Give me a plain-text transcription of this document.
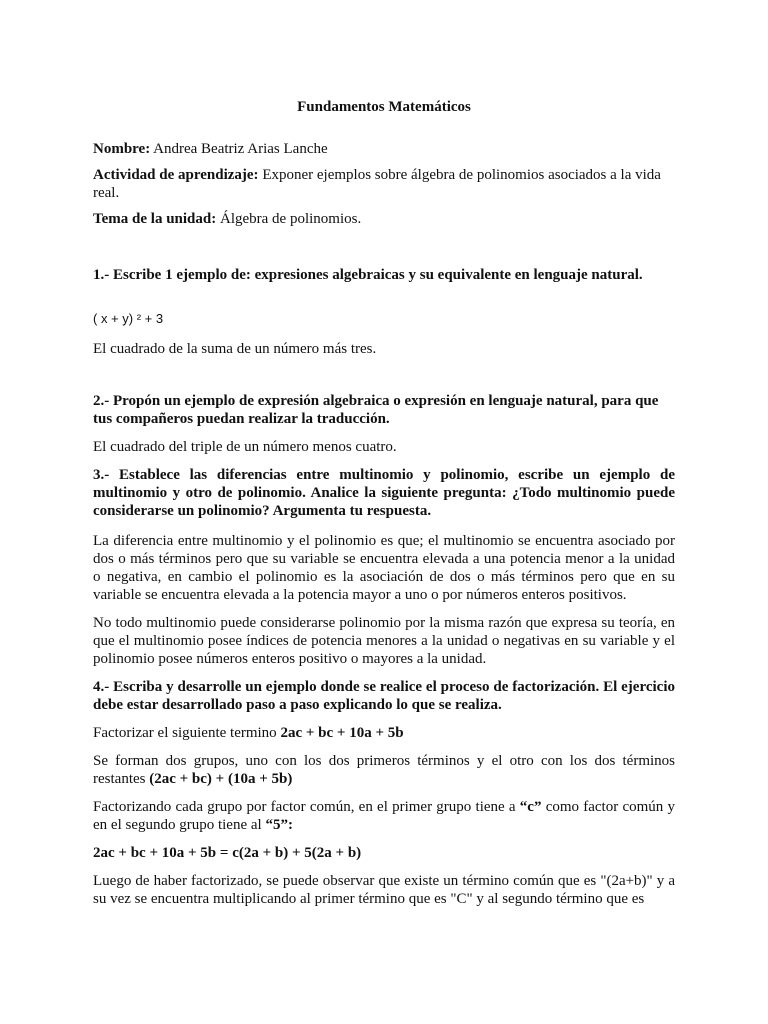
Fundamentos Matemáticos

Nombre: Andrea Beatriz Arias Lanche

Actividad de aprendizaje: Exponer ejemplos sobre álgebra de polinomios asociados a la vida real.

Tema de la unidad: Álgebra de polinomios.

1.- Escribe 1 ejemplo de: expresiones algebraicas y su equivalente en lenguaje natural.

( x + y) ² + 3

El cuadrado de la suma de un número más tres.

2.- Propón un ejemplo de expresión algebraica o expresión en lenguaje natural, para que tus compañeros puedan realizar la traducción.

El cuadrado del triple de un número menos cuatro.

3.- Establece las diferencias entre multinomio y polinomio, escribe un ejemplo de multinomio y otro de polinomio. Analice la siguiente pregunta: ¿Todo multinomio puede considerarse un polinomio? Argumenta tu respuesta.

La diferencia entre multinomio y el polinomio es que; el multinomio se encuentra asociado por dos o más términos pero que su variable se encuentra elevada a una potencia menor a la unidad o negativa, en cambio el polinomio es la asociación de dos o más términos pero que en su variable se encuentra elevada a la potencia mayor a uno o por números enteros positivos.

No todo multinomio puede considerarse polinomio por la misma razón que expresa su teoría, en que el multinomio posee índices de potencia menores a la unidad o negativas en su variable y el polinomio posee números enteros positivo o mayores a la unidad.

4.- Escriba y desarrolle un ejemplo donde se realice el proceso de factorización. El ejercicio debe estar desarrollado paso a paso explicando lo que se realiza.

Factorizar el siguiente termino 2ac + bc + 10a + 5b

Se forman dos grupos, uno con los dos primeros términos y el otro con los dos términos restantes (2ac + bc) + (10a + 5b)

Factorizando cada grupo por factor común, en el primer grupo tiene a “c” como factor común y en el segundo grupo tiene al “5”:

2ac + bc + 10a + 5b = c(2a + b) + 5(2a + b)

Luego de haber factorizado, se puede observar que existe un término común que es "(2a+b)" y a su vez se encuentra multiplicando al primer término que es "C" y al segundo término que es
